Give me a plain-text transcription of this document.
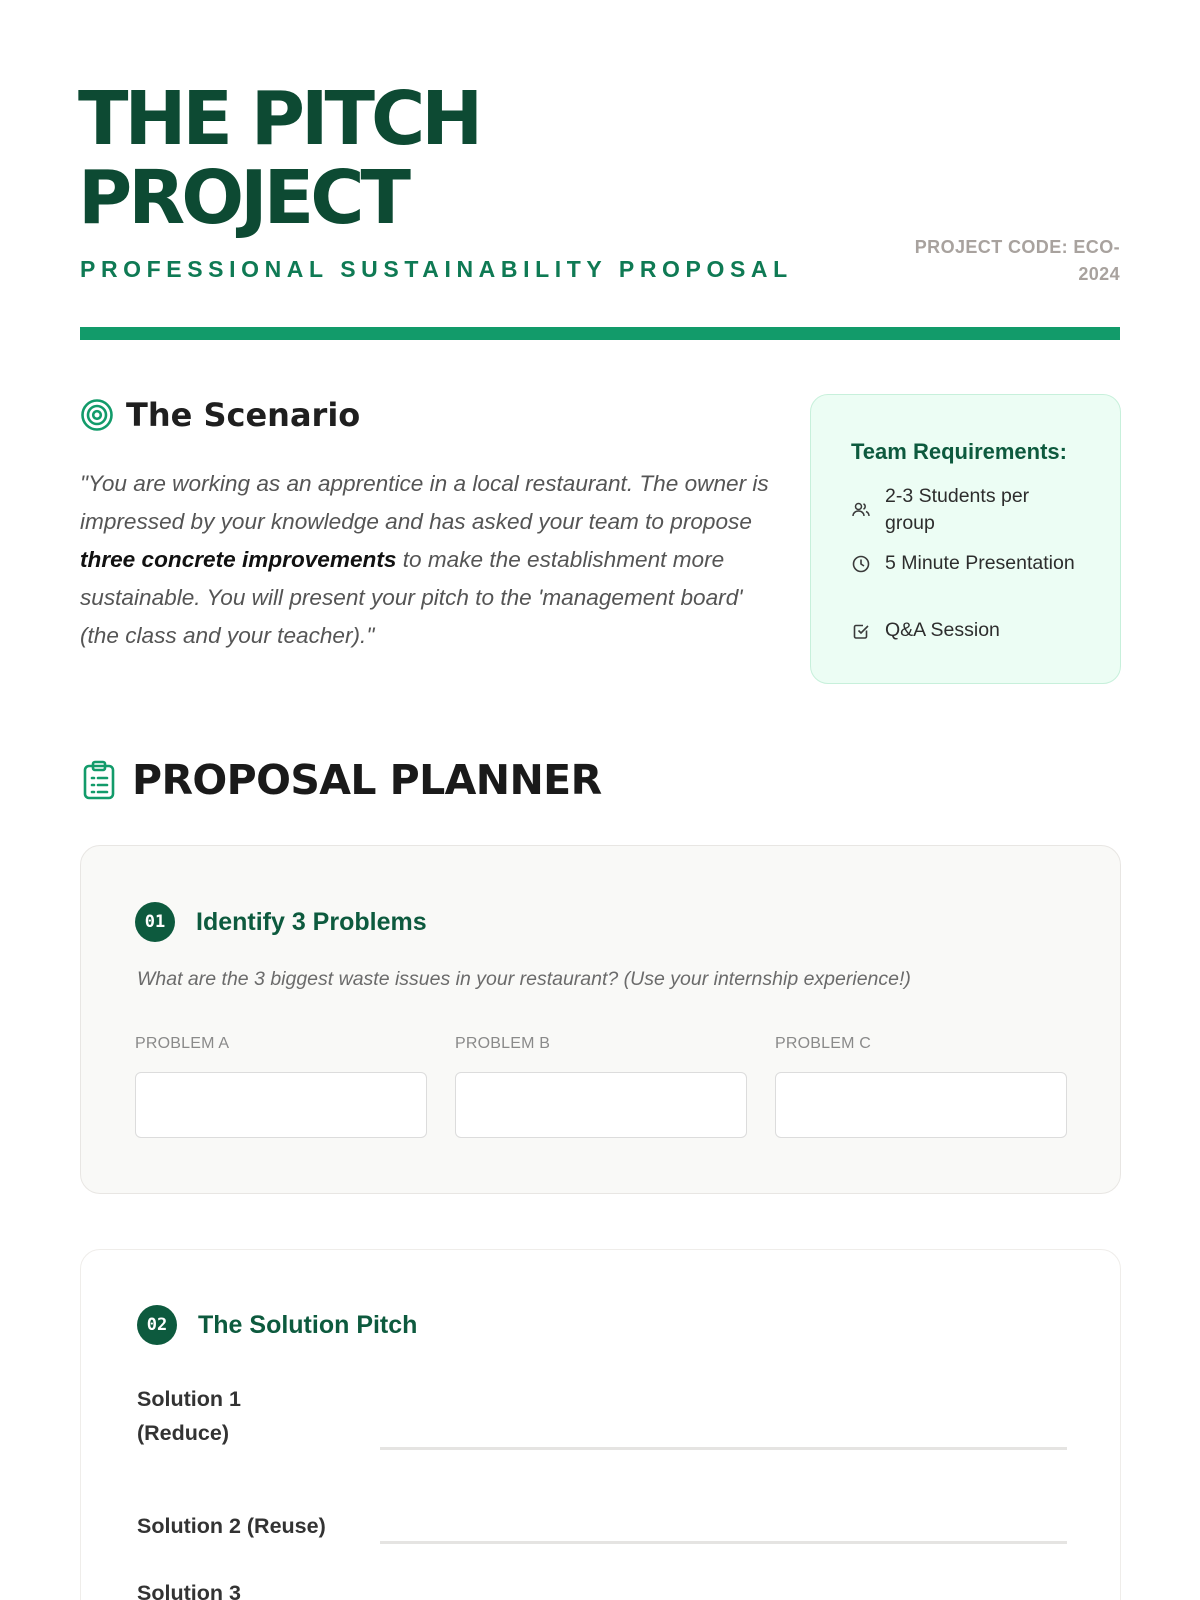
THE PITCH PROJECT
PROFESSIONAL SUSTAINABILITY PROPOSAL
PROJECT CODE: ECO-2024
The Scenario

"You are working as an apprentice in a local restaurant. The owner is impressed by your knowledge and has asked your team to propose three concrete improvements to make the establishment more sustainable. You will present your pitch to the 'management board' (the class and your teacher)."

Team Requirements:
2-3 Students per group
5 Minute Presentation
Q&A Session
PROPOSAL PLANNER
01	Identify 3 Problems

What are the 3 biggest waste issues in your restaurant? (Use your internship experience!)

PROBLEM A	PROBLEM B	PROBLEM C
02	The Solution Pitch
Solution 1 (Reduce)
Solution 2 (Reuse)
Solution 3
